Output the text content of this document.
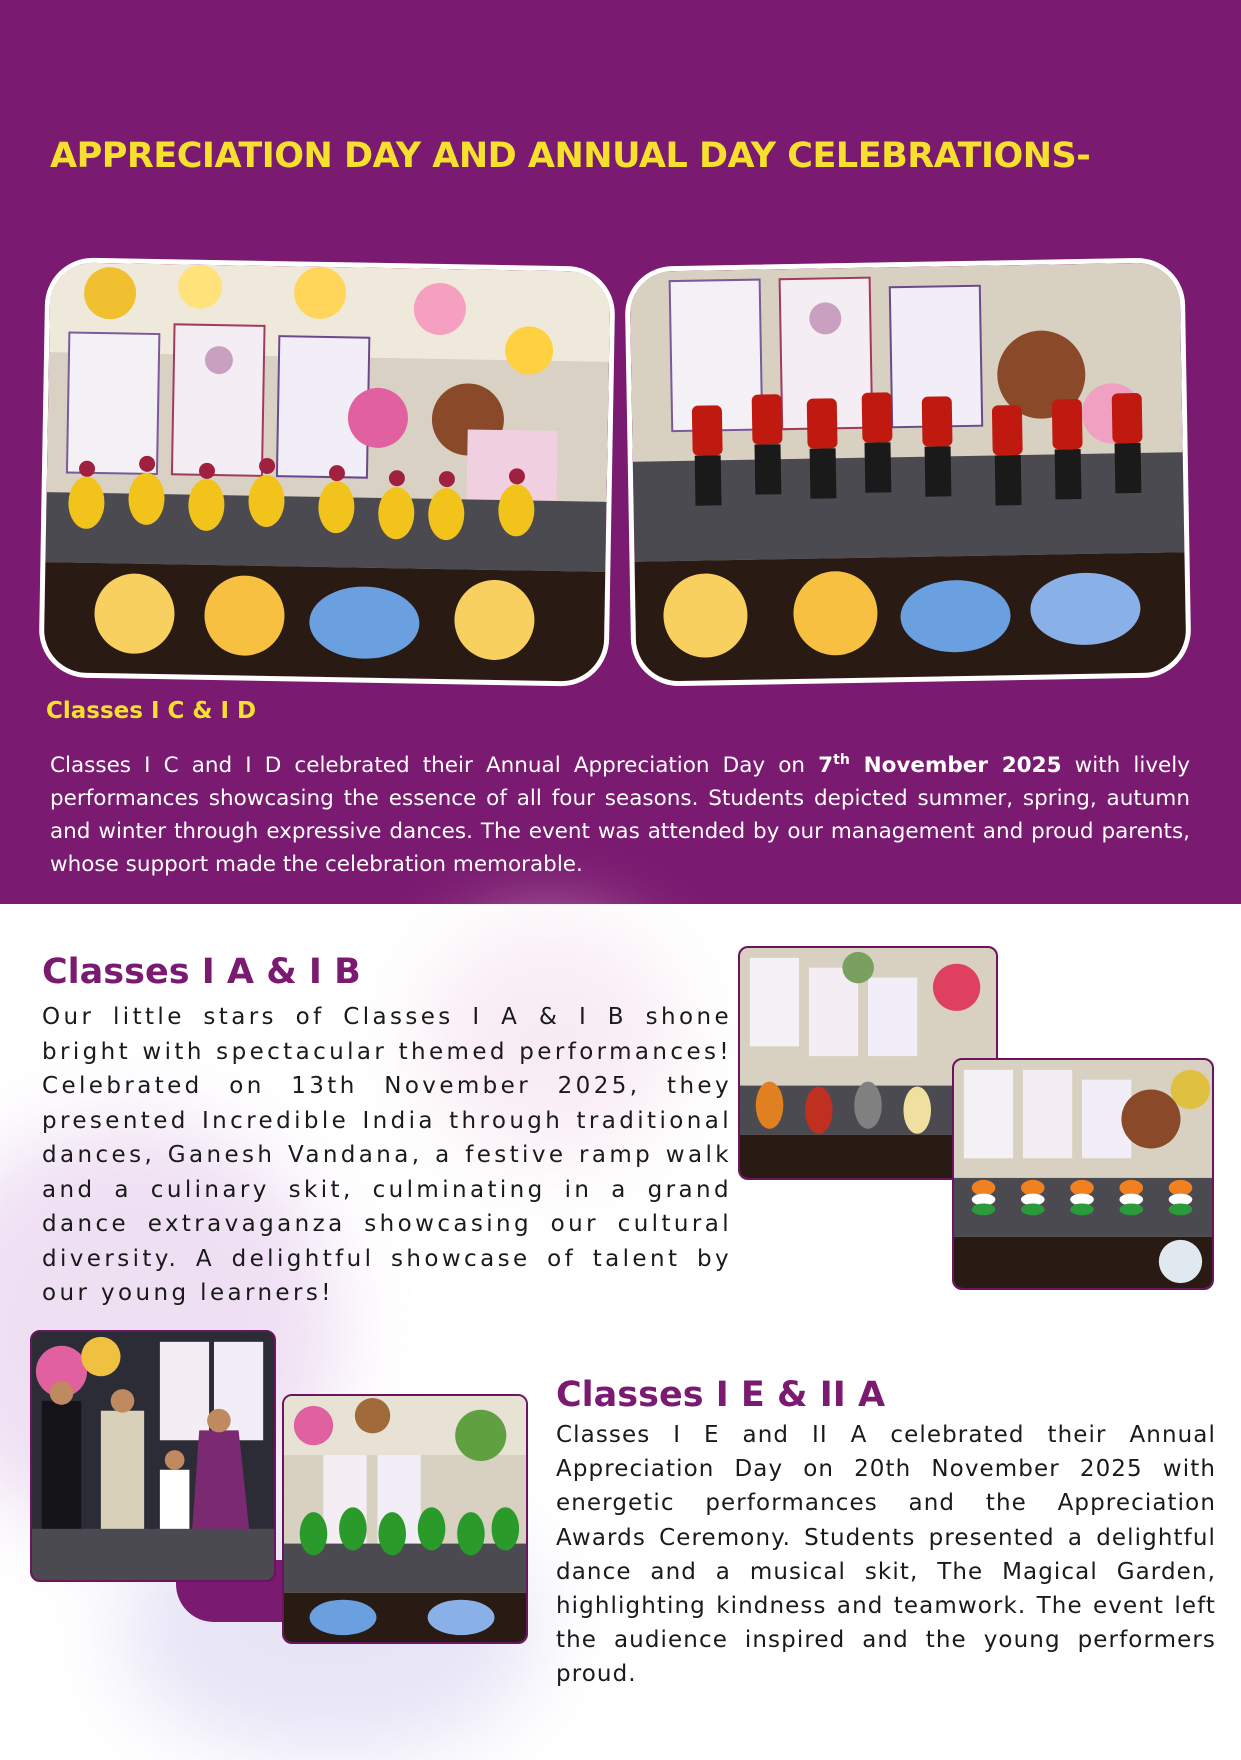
APPRECIATION DAY AND ANNUAL DAY CELEBRATIONS-
Classes I C & I D

Classes I C and I D celebrated their Annual Appreciation Day on 7th November 2025 with lively performances showcasing the essence of all four seasons. Students depicted summer, spring, autumn and winter through expressive dances. The event was attended by our management and proud parents, whose support made the celebration memorable.

Classes I A & I B

Our little stars of Classes I A & I B shone bright with spectacular themed performances! Celebrated on 13th November 2025, they presented Incredible India through traditional dances, Ganesh Vandana, a festive ramp walk and a culinary skit, culminating in a grand dance extravaganza showcasing our cultural diversity. A delightful showcase of talent by our young learners!

Classes I E & II A

Classes I E and II A celebrated their Annual Appreciation Day on 20th November 2025 with energetic performances and the Appreciation Awards Ceremony. Students presented a delightful dance and a musical skit, The Magical Garden, highlighting kindness and teamwork. The event left the audience inspired and the young performers proud.
